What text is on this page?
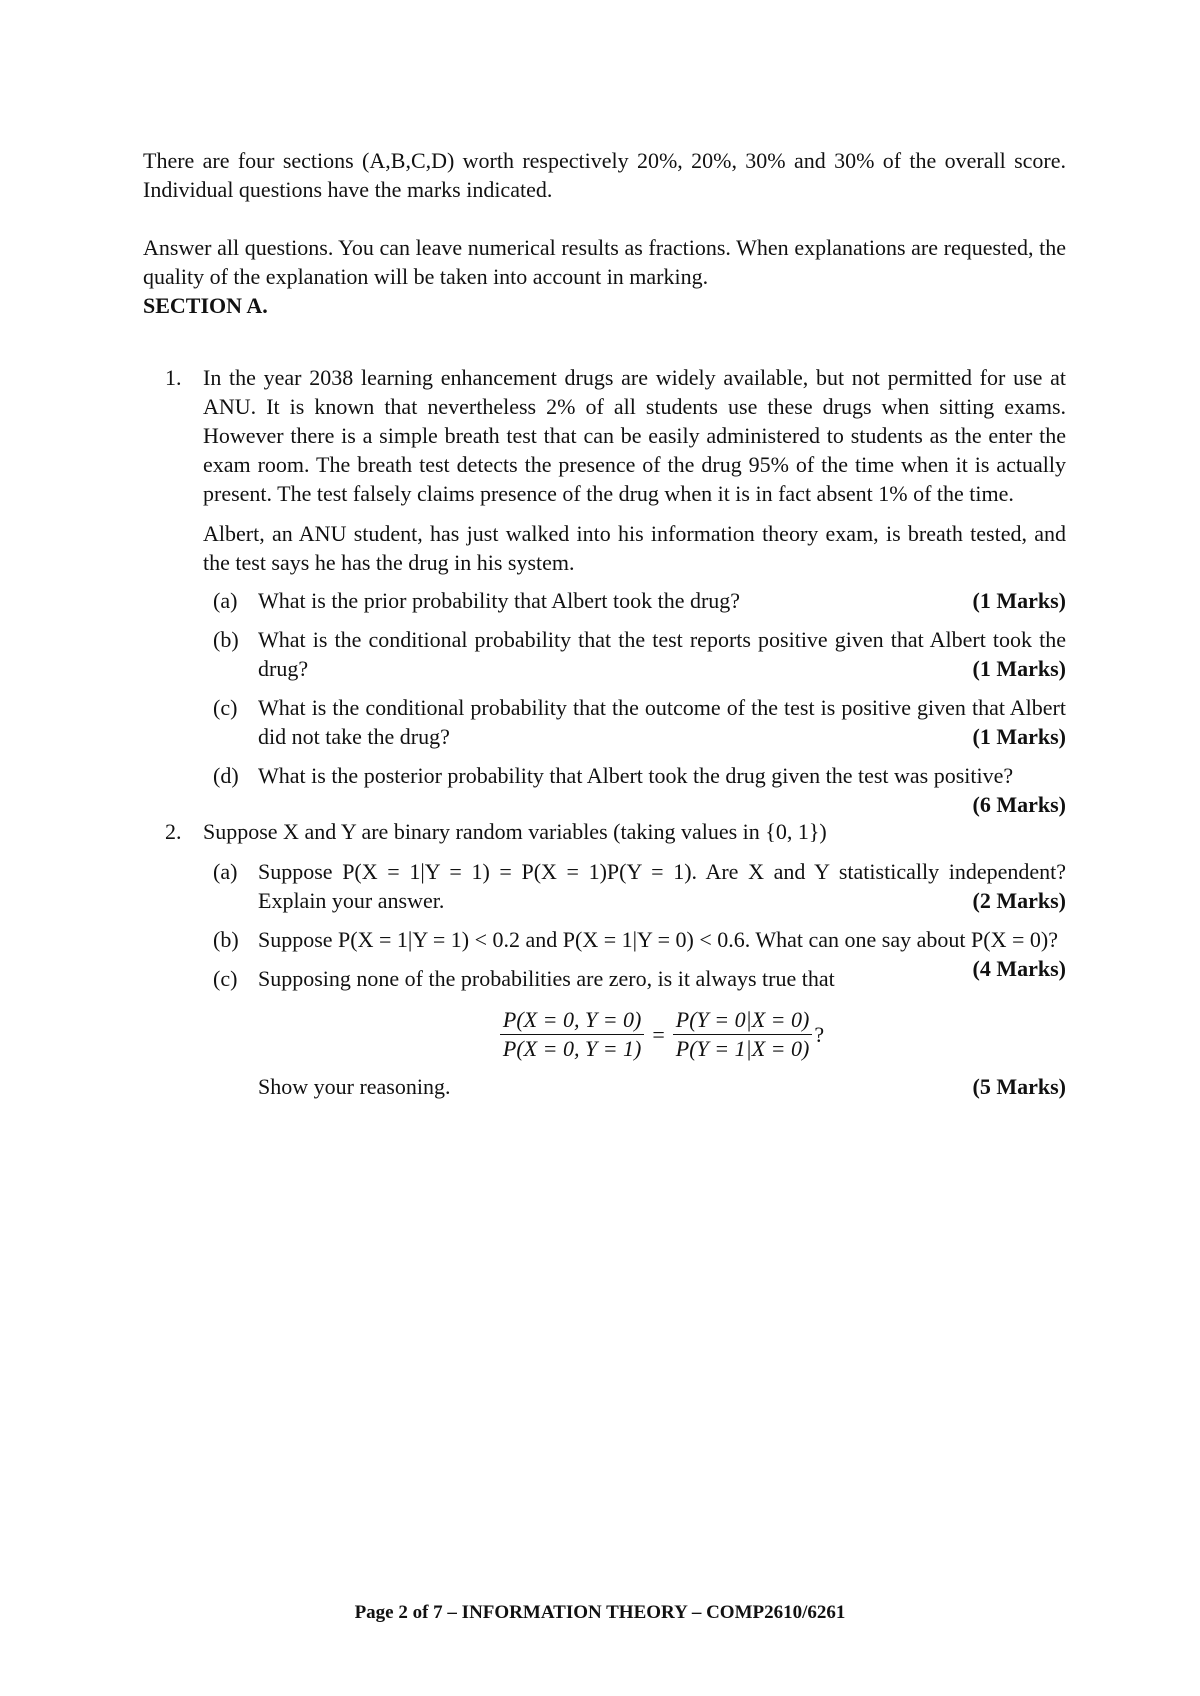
There are four sections (A,B,C,D) worth respectively 20%, 20%, 30% and 30% of the overall score. Individual questions have the marks indicated.

Answer all questions. You can leave numerical results as fractions. When explanations are requested, the quality of the explanation will be taken into account in marking.

SECTION A.

1. In the year 2038 learning enhancement drugs are widely available, but not permitted for use at ANU. It is known that nevertheless 2% of all students use these drugs when sitting exams. However there is a simple breath test that can be easily administered to students as the enter the exam room. The breath test detects the presence of the drug 95% of the time when it is actually present. The test falsely claims presence of the drug when it is in fact absent 1% of the time.

Albert, an ANU student, has just walked into his information theory exam, is breath tested, and the test says he has the drug in his system.

(a)	(1 Marks)
What is the prior probability that Albert took the drug?

(b) What is the conditional probability that the test reports positive given that Albert took the drug?	(1 Marks)

(c) What is the conditional probability that the outcome of the test is positive given that Albert did not take the drug?	(1 Marks)

(d) What is the posterior probability that Albert took the drug given the test was positive?
(6 Marks)

2. Suppose X and Y are binary random variables (taking values in {0, 1})

(a) Suppose P(X = 1|Y = 1) = P(X = 1)P(Y = 1). Are X and Y statistically independent? Explain your answer.	(2 Marks)

(b) Suppose P(X = 1|Y = 1) < 0.2 and P(X = 1|Y = 0) < 0.6. What can one say about P(X = 0)?
(4 Marks)

(c) Supposing none of the probabilities are zero, is it always true that

$\frac{P(X = 0, Y = 0)}{P(X = 0, Y = 1)} = \frac{P(Y = 0|X = 0)}{P(Y = 1|X = 0)}$ ?

Show your reasoning.	(5 Marks)

Page 2 of 7 – INFORMATION THEORY – COMP2610/6261
